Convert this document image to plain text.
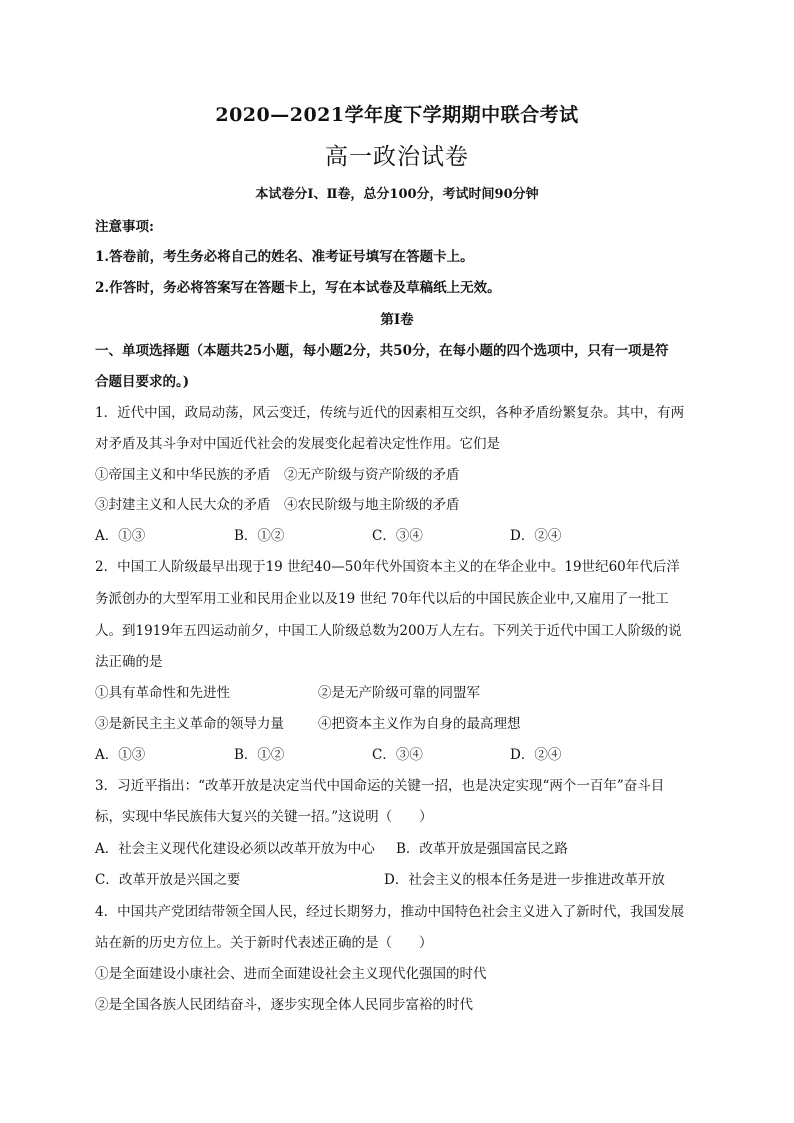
2020—2021学年度下学期期中联合考试
高一政治试卷
本试卷分Ⅰ、Ⅱ卷，总分100分，考试时间90分钟
注意事项:
1.答卷前，考生务必将自己的姓名、准考证号填写在答题卡上。
2.作答时，务必将答案写在答题卡上，写在本试卷及草稿纸上无效。
第Ⅰ卷
一、单项选择题（本题共25小题，每小题2分，共50分，在每小题的四个选项中，只有一项是符
合题目要求的。)
1．近代中国，政局动荡，风云变迁，传统与近代的因素相互交织，各种矛盾纷繁复杂。其中，有两
对矛盾及其斗争对中国近代社会的发展变化起着决定性作用。它们是
①帝国主义和中华民族的矛盾　②无产阶级与资产阶级的矛盾
③封建主义和人民大众的矛盾　④农民阶级与地主阶级的矛盾
A．①③	B．①②	C．③④	D．②④
2．中国工人阶级最早出现于19 世纪40—50年代外国资本主义的在华企业中。19世纪60年代后洋
务派创办的大型军用工业和民用企业以及19 世纪 70年代以后的中国民族企业中,又雇用了一批工
人。到1919年五四运动前夕，中国工人阶级总数为200万人左右。下列关于近代中国工人阶级的说
法正确的是
①具有革命性和先进性	②是无产阶级可靠的同盟军
③是新民主主义革命的领导力量	④把资本主义作为自身的最高理想
A．①③	B．①②	C．③④	D．②④
3．习近平指出：“改革开放是决定当代中国命运的关键一招，也是决定实现“两个一百年”奋斗目
标，实现中华民族伟大复兴的关键一招。”这说明（　　）
A．社会主义现代化建设必须以改革开放为中心 B．改革开放是强国富民之路
C．改革开放是兴国之要	D．社会主义的根本任务是进一步推进改革开放
4．中国共产党团结带领全国人民，经过长期努力，推动中国特色社会主义进入了新时代，我国发展
站在新的历史方位上。关于新时代表述正确的是（　　）
①是全面建设小康社会、进而全面建设社会主义现代化强国的时代
②是全国各族人民团结奋斗，逐步实现全体人民同步富裕的时代
